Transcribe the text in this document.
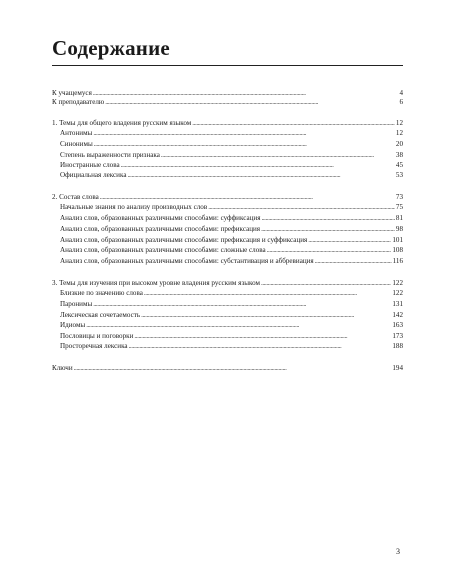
Содержание
К учащемуся . . .	4
К преподавателю . . .	6
1. Темы для общего владения русским языком . . .	12
Антонимы . . .	12
Синонимы . . .	20
Степень выраженности признака . . .	38
Иностранные слова . . .	45
Официальная лексика . . .	53
2. Состав слова . . .	73
Начальные знания по анализу производных слов . . .	75
Анализ слов, образованных различными способами: суффиксация . . .	81
Анализ слов, образованных различными способами: префиксация . . .	98
Анализ слов, образованных различными способами: префиксация и суффиксация . . .	101
Анализ слов, образованных различными способами: сложные слова . . .	108
Анализ слов, образованных различными способами: субстантивация и аббревиация . . .	116
3. Темы для изучения при высоком уровне владения русским языком . . .	122
Близкие по значению слова . . .	122
Паронимы . . .	131
Лексическая сочетаемость . . .	142
Идиомы . . .	163
Пословицы и поговорки . . .	173
Просторечная лексика . . .	188
Ключи . . .	194
3
